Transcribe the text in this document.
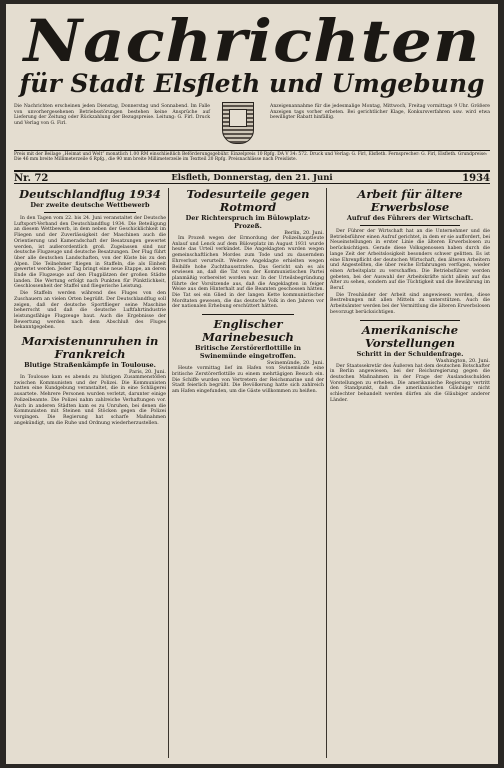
Nachrichten
für Stadt Elsfleth und Umgebung
Die Nachrichten erscheinen jeden Dienstag, Donnerstag und Sonnabend. Im Falle von unvorhergesehenen Betriebsstörungen bestehen keine Ansprüche auf Lieferung der Zeitung oder Rückzahlung der Bezugspreise. Leitung: G. Firl. Druck und Verlag von G. Firl.
Anzeigenannahme für die jedesmalige Montag, Mittwoch, Freitag vormittags 9 Uhr. Größere Anzeigen tags vorher erbeten. Bei gerichtlicher Klage, Konkursverfahren usw. wird etwa bewilligter Rabatt hinfällig.
Preis mit der Beilage „Heimat und Welt“ monatlich 1.00 RM einschließlich Beförderungsgebühr. Einzelpreis 10 Rpfg. DA V 34: 572. Druck und Verlag: G. Firl, Elsfleth. Fernsprecher: G. Firl, Elsfleth. Grundpreise: Die 46 mm breite Millimeterzeile 6 Rpfg., die 90 mm breite Millimeterzeile im Textteil 20 Rpfg. Preisnachlässe nach Preisliste.
Nr. 72	Elsfleth, Donnerstag, den 21. Juni	1934
Deutschlandflug 1934
Der zweite deutsche Wettbewerb

In den Tagen vom 22. bis 24. Juni veranstaltet der Deutsche Luftsport-Verband den Deutschlandflug 1934. Die Beteiligung an diesem Wettbewerb, in dem neben der Geschicklichkeit im Fliegen und der Zuverlässigkeit der Maschinen auch die Orientierung und Kameradschaft der Besatzungen gewertet werden, ist außerordentlich groß. Zugelassen sind nur deutsche Flugzeuge und deutsche Besatzungen. Der Flug führt über alle deutschen Landschaften, von der Küste bis zu den Alpen. Die Teilnehmer fliegen in Staffeln, die als Einheit gewertet werden. Jeder Tag bringt eine neue Etappe, an deren Ende die Flugzeuge auf den Flugplätzen der großen Städte landen. Die Wertung erfolgt nach Punkten für Pünktlichkeit, Geschlossenheit der Staffel und fliegerische Leistung.

Die Staffeln werden während des Fluges von den Zuschauern an vielen Orten begrüßt. Der Deutschlandflug soll zeigen, daß der deutsche Sportflieger seine Maschine beherrscht und daß die deutsche Luftfahrtindustrie leistungsfähige Flugzeuge baut. Auch die Ergebnisse der Bewertung werden nach dem Abschluß des Fluges bekanntgegeben.

Marxistenunruhen in Frankreich
Blutige Straßenkämpfe in Toulouse.
Paris, 20. Juni.

In Toulouse kam es abends zu blutigen Zusammenstößen zwischen Kommunisten und der Polizei. Die Kommunisten hatten eine Kundgebung veranstaltet, die in eine Schlägerei ausartete. Mehrere Personen wurden verletzt, darunter einige Polizeibeamte. Die Polizei nahm zahlreiche Verhaftungen vor. Auch in anderen Städten kam es zu Unruhen, bei denen die Kommunisten mit Steinen und Stöcken gegen die Polizei vorgingen. Die Regierung hat scharfe Maßnahmen angekündigt, um die Ruhe und Ordnung wiederherzustellen.

Todesurteile gegen Rotmord
Der Richterspruch im Bülowplatz-Prozeß.
Berlin, 20. Juni.

Im Prozeß wegen der Ermordung der Polizeihauptleute Anlauf und Lenck auf dem Bülowplatz im August 1931 wurde heute das Urteil verkündet. Die Angeklagten wurden wegen gemeinschaftlichen Mordes zum Tode und zu dauerndem Ehrverlust verurteilt. Weitere Angeklagte erhielten wegen Beihilfe hohe Zuchthausstrafen. Das Gericht sah es als erwiesen an, daß die Tat von der Kommunistischen Partei planmäßig vorbereitet worden war. In der Urteilsbegründung führte der Vorsitzende aus, daß die Angeklagten in feiger Weise aus dem Hinterhalt auf die Beamten geschossen hätten. Die Tat sei ein Glied in der langen Kette kommunistischer Mordtaten gewesen, die das deutsche Volk in den Jahren vor der nationalen Erhebung erschüttert hätten.

Englischer Marinebesuch
Britische Zerstörerflottille in Swinemünde eingetroffen.
Swinemünde, 20. Juni.

Heute vormittag lief im Hafen von Swinemünde eine britische Zerstörerflottille zu einem mehrtägigen Besuch ein. Die Schiffe wurden von Vertretern der Reichsmarine und der Stadt feierlich begrüßt. Die Bevölkerung hatte sich zahlreich am Hafen eingefunden, um die Gäste willkommen zu heißen.

Arbeit für ältere Erwerbslose
Aufruf des Führers der Wirtschaft.

Der Führer der Wirtschaft hat an die Unternehmer und die Betriebsführer einen Aufruf gerichtet, in dem er sie auffordert, bei Neueinstellungen in erster Linie die älteren Erwerbslosen zu berücksichtigen. Gerade diese Volksgenossen haben durch die lange Zeit der Arbeitslosigkeit besonders schwer gelitten. Es ist eine Ehrenpflicht der deutschen Wirtschaft, den älteren Arbeitern und Angestellten, die über reiche Erfahrungen verfügen, wieder einen Arbeitsplatz zu verschaffen. Die Betriebsführer werden gebeten, bei der Auswahl der Arbeitskräfte nicht allein auf das Alter zu sehen, sondern auf die Tüchtigkeit und die Bewährung im Beruf.

Die Treuhänder der Arbeit sind angewiesen worden, diese Bestrebungen mit allen Mitteln zu unterstützen. Auch die Arbeitsämter werden bei der Vermittlung die älteren Erwerbslosen bevorzugt berücksichtigen.

Amerikanische Vorstellungen
Schritt in der Schuldenfrage.
Washington, 20. Juni.

Der Staatssekretär des Äußeren hat dem deutschen Botschafter in Berlin angewiesen, bei der Reichsregierung gegen die deutschen Maßnahmen in der Frage der Auslandsschulden Vorstellungen zu erheben. Die amerikanische Regierung vertritt den Standpunkt, daß die amerikanischen Gläubiger nicht schlechter behandelt werden dürfen als die Gläubiger anderer Länder.
